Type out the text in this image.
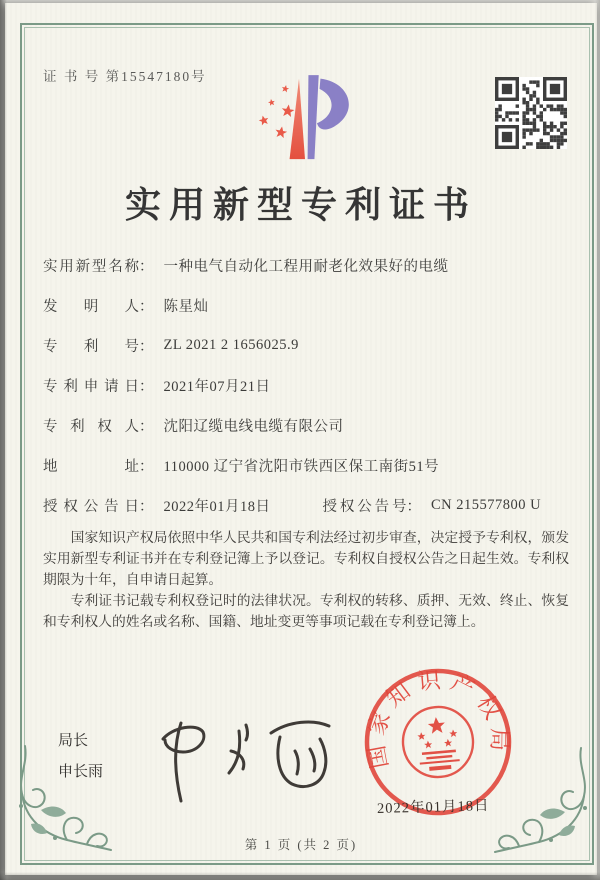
证 书 号 第15547180号
实用新型专利证书
实用新型名称 ： 一种电气自动化工程用耐老化效果好的电缆
发明人 ： 陈星灿
专利号 ： ZL 2021 2 1656025.9
专利申请日 ： 2021年07月21日
专利权人 ： 沈阳辽缆电线电缆有限公司
地址 ： 110000 辽宁省沈阳市铁西区保工南街51号
授权公告日 ： 2022年01月18日	授权公告号 ： CN 215577800 U

国家知识产权局依照中华人民共和国专利法经过初步审查，决定授予专利权，颁发实用新型专利证书并在专利登记簿上予以登记。专利权自授权公告之日起生效。专利权期限为十年，自申请日起算。

专利证书记载专利权登记时的法律状况。专利权的转移、质押、无效、终止、恢复和专利权人的姓名或名称、国籍、地址变更等事项记载在专利登记簿上。

局长
申长雨
国家知识产权局
2022年01月18日
第 1 页 (共 2 页)
